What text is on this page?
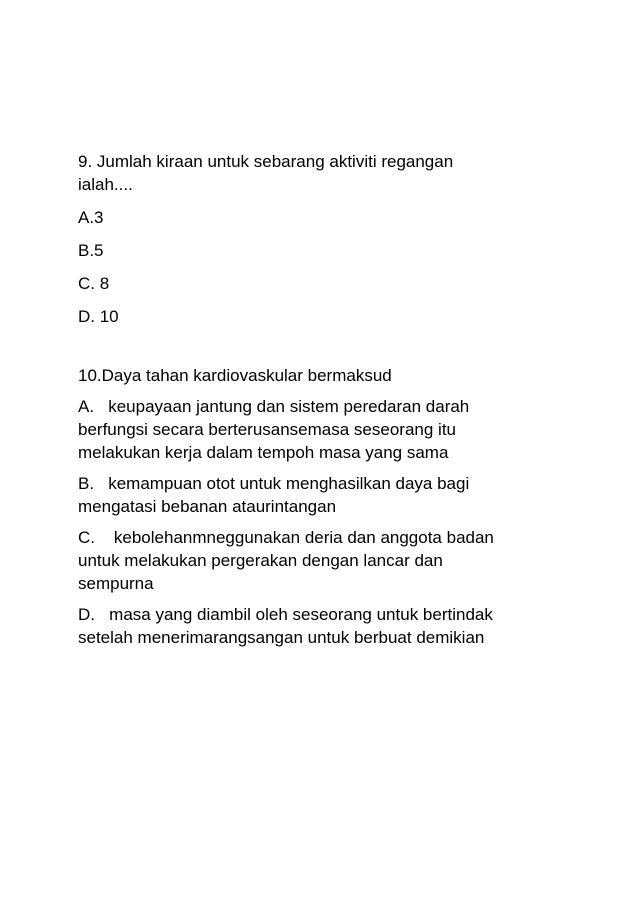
9. Jumlah kiraan untuk sebarang aktiviti regangan
ialah....
A.3
B.5
C. 8
D. 10
10.Daya tahan kardiovaskular bermaksud
A.   keupayaan jantung dan sistem peredaran darah
berfungsi secara berterusansemasa seseorang itu
melakukan kerja dalam tempoh masa yang sama
B.   kemampuan otot untuk menghasilkan daya bagi
mengatasi bebanan ataurintangan
C.    kebolehanmneggunakan deria dan anggota badan
untuk melakukan pergerakan dengan lancar dan
sempurna
D.   masa yang diambil oleh seseorang untuk bertindak
setelah menerimarangsangan untuk berbuat demikian
